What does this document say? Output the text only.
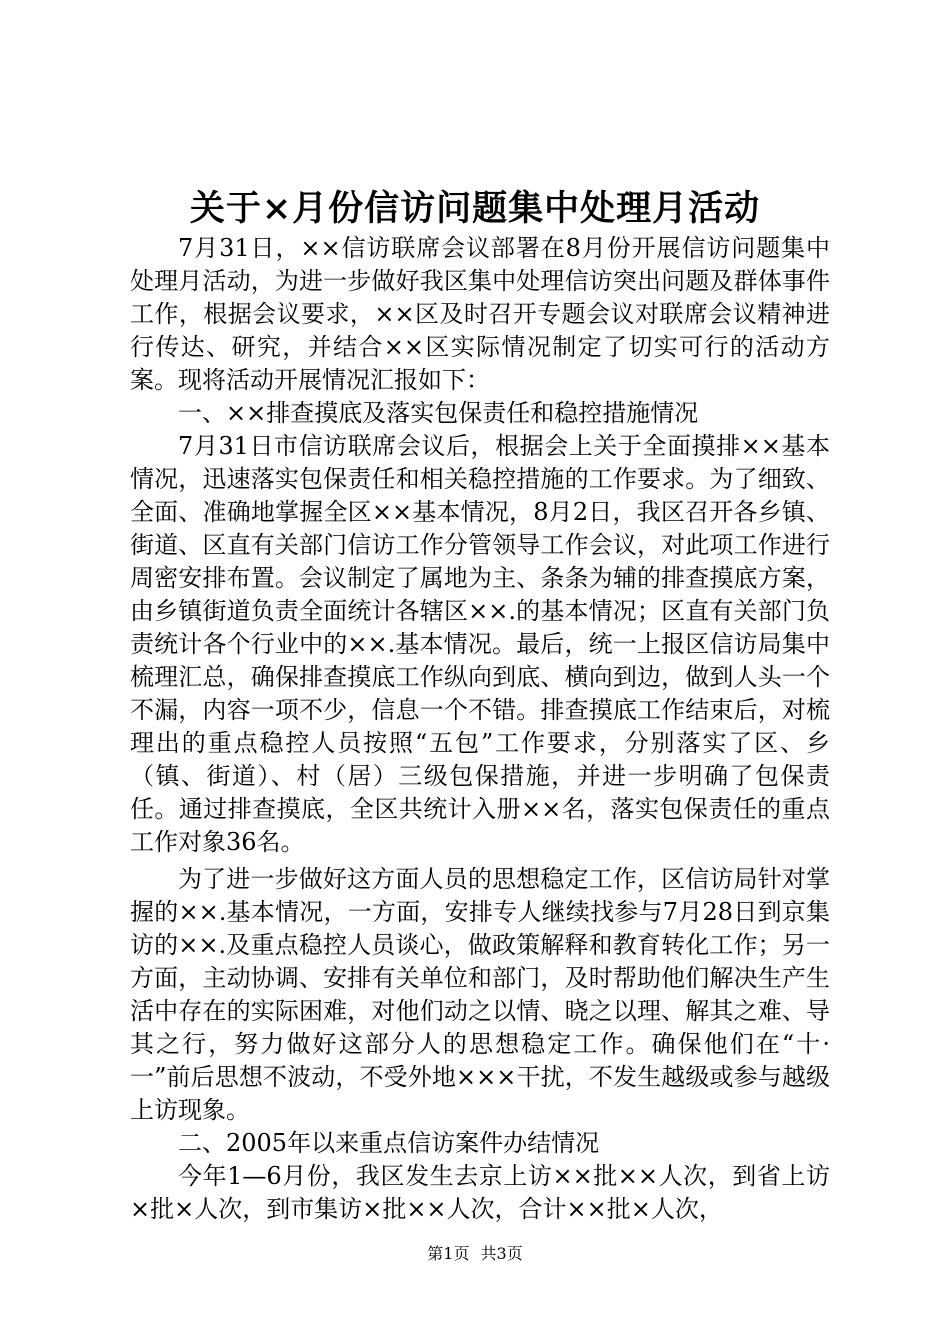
关于×月份信访问题集中处理月活动

7月31日，××信访联席会议部署在8月份开展信访问题集中处理月活动，为进一步做好我区集中处理信访突出问题及群体事件工作，根据会议要求，××区及时召开专题会议对联席会议精神进行传达、研究，并结合××区实际情况制定了切实可行的活动方案。现将活动开展情况汇报如下：

一、××排查摸底及落实包保责任和稳控措施情况

7月31日市信访联席会议后，根据会上关于全面摸排××基本情况，迅速落实包保责任和相关稳控措施的工作要求。为了细致、全面、准确地掌握全区××基本情况，8月2日，我区召开各乡镇、街道、区直有关部门信访工作分管领导工作会议，对此项工作进行周密安排布置。会议制定了属地为主、条条为辅的排查摸底方案，由乡镇街道负责全面统计各辖区××.的基本情况；区直有关部门负责统计各个行业中的××.基本情况。最后，统一上报区信访局集中梳理汇总，确保排查摸底工作纵向到底、横向到边，做到人头一个不漏，内容一项不少，信息一个不错。排查摸底工作结束后，对梳理出的重点稳控人员按照“五包”工作要求，分别落实了区、乡（镇、街道）、村（居）三级包保措施，并进一步明确了包保责任。通过排查摸底，全区共统计入册××名，落实包保责任的重点工作对象36名。

为了进一步做好这方面人员的思想稳定工作，区信访局针对掌握的××.基本情况，一方面，安排专人继续找参与7月28日到京集访的××.及重点稳控人员谈心，做政策解释和教育转化工作；另一方面，主动协调、安排有关单位和部门，及时帮助他们解决生产生活中存在的实际困难，对他们动之以情、晓之以理、解其之难、导其之行，努力做好这部分人的思想稳定工作。确保他们在“十·一”前后思想不波动，不受外地×××干扰，不发生越级或参与越级上访现象。

二、2005年以来重点信访案件办结情况

今年1—6月份，我区发生去京上访××批××人次，到省上访×批×人次，到市集访×批××人次，合计××批×人次，

第1页 共3页
